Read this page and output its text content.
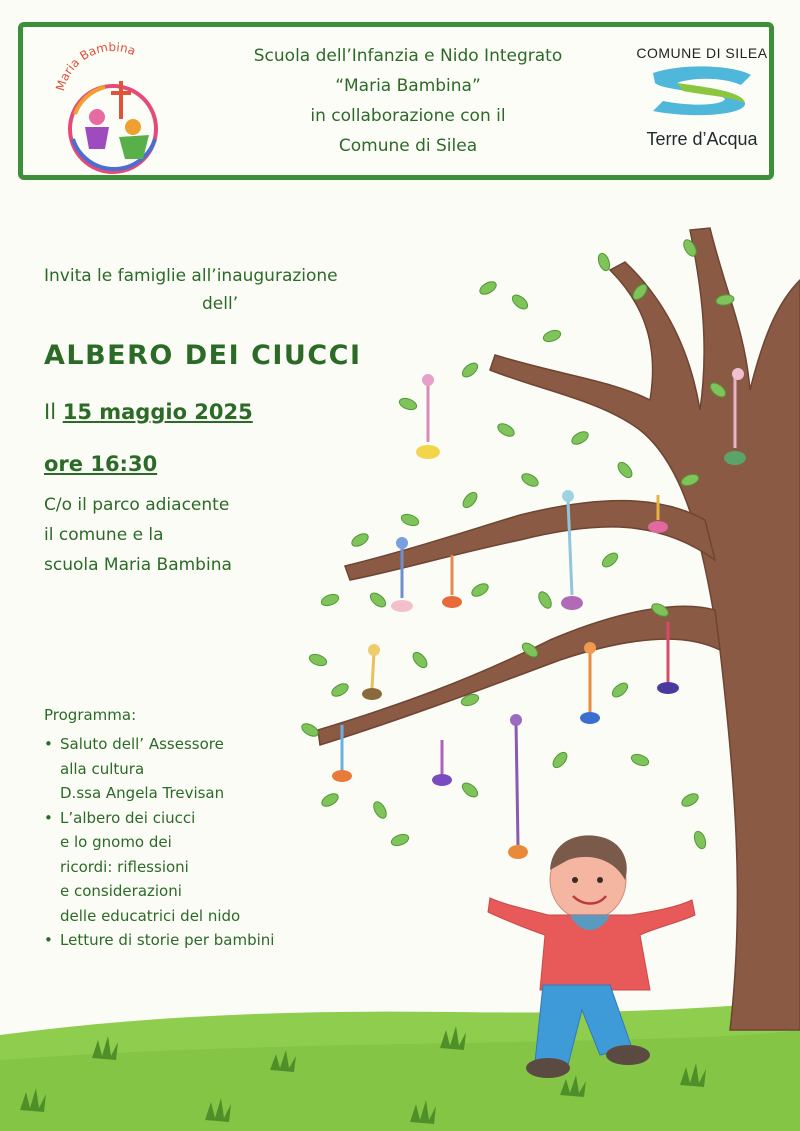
Maria Bambina	Scuola dell’Infanzia e Nido Integrato
“Maria Bambina”
in collaborazione con il
Comune di Silea
COMUNE DI SILEA
Terre d’Acqua
Invita le famiglie all’inaugurazione
dell’
ALBERO DEI CIUCCI
Il 15 maggio 2025
ore 16:30
C/o il parco adiacente
il comune e la
scuola Maria Bambina
Programma:
• Saluto dell’ Assessore
alla cultura
D.ssa Angela Trevisan
• L’albero dei ciucci
e lo gnomo dei
ricordi: riflessioni
e considerazioni
delle educatrici del nido
• Letture di storie per bambini
